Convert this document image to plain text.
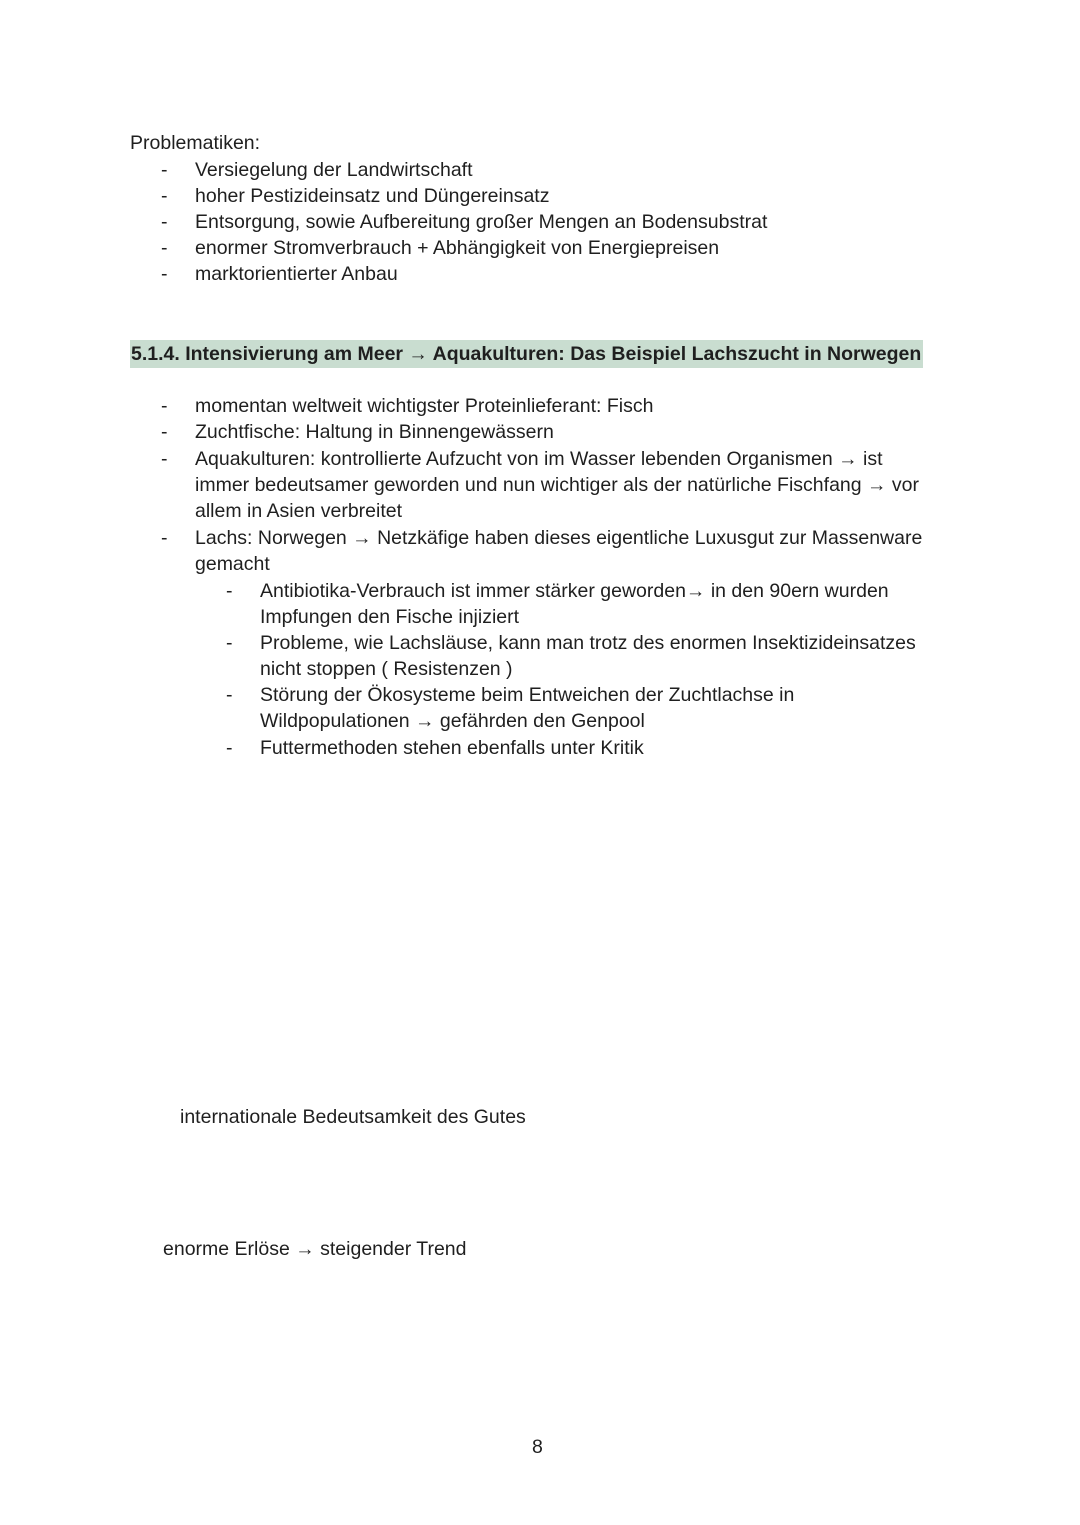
Problematiken:
- Versiegelung der Landwirtschaft
- hoher Pestizideinsatz und Düngereinsatz
- Entsorgung, sowie Aufbereitung großer Mengen an Bodensubstrat
- enormer Stromverbrauch + Abhängigkeit von Energiepreisen
- marktorientierter Anbau
5.1.4. Intensivierung am Meer → Aquakulturen: Das Beispiel Lachszucht in Norwegen
- momentan weltweit wichtigster Proteinlieferant: Fisch
- Zuchtfische: Haltung in Binnengewässern
- Aquakulturen: kontrollierte Aufzucht von im Wasser lebenden Organismen → ist
immer bedeutsamer geworden und nun wichtiger als der natürliche Fischfang → vor
allem in Asien verbreitet
- Lachs: Norwegen → Netzkäfige haben dieses eigentliche Luxusgut zur Massenware
gemacht
- Antibiotika-Verbrauch ist immer stärker geworden→ in den 90ern wurden
Impfungen den Fische injiziert
- Probleme, wie Lachsläuse, kann man trotz des enormen Insektizideinsatzes
nicht stoppen ( Resistenzen )
- Störung der Ökosysteme beim Entweichen der Zuchtlachse in
Wildpopulationen → gefährden den Genpool
- Futtermethoden stehen ebenfalls unter Kritik
internationale Bedeutsamkeit des Gutes
enorme Erlöse → steigender Trend
8
